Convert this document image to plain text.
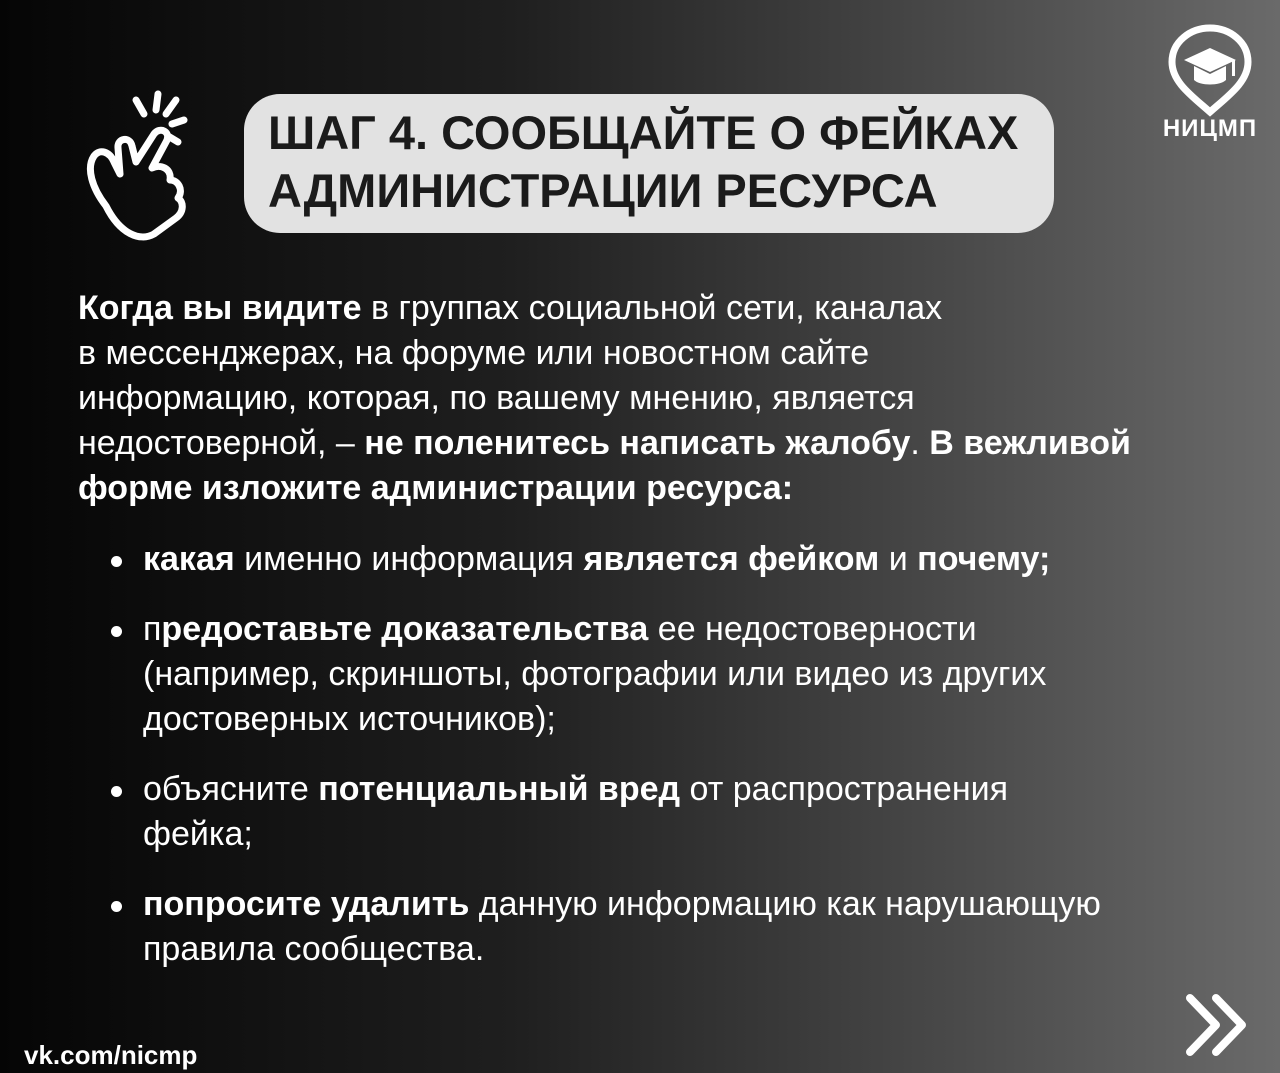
ШАГ 4. СООБЩАЙТЕ О ФЕЙКАХ
АДМИНИСТРАЦИИ РЕСУРСА
НИЦМП
Когда вы видите в группах социальной сети, каналах
в мессенджерах, на форуме или новостном сайте
информацию, которая, по вашему мнению, является
недостоверной, – не поленитесь написать жалобу. В вежливой
форме изложите администрации ресурса:
какая именно информация является фейком и почему;
предоставьте доказательства ее недостоверности
(например, скриншоты, фотографии или видео из других
достоверных источников);
объясните потенциальный вред от распространения
фейка;
попросите удалить данную информацию как нарушающую
правила сообщества.
vk.com/nicmp
